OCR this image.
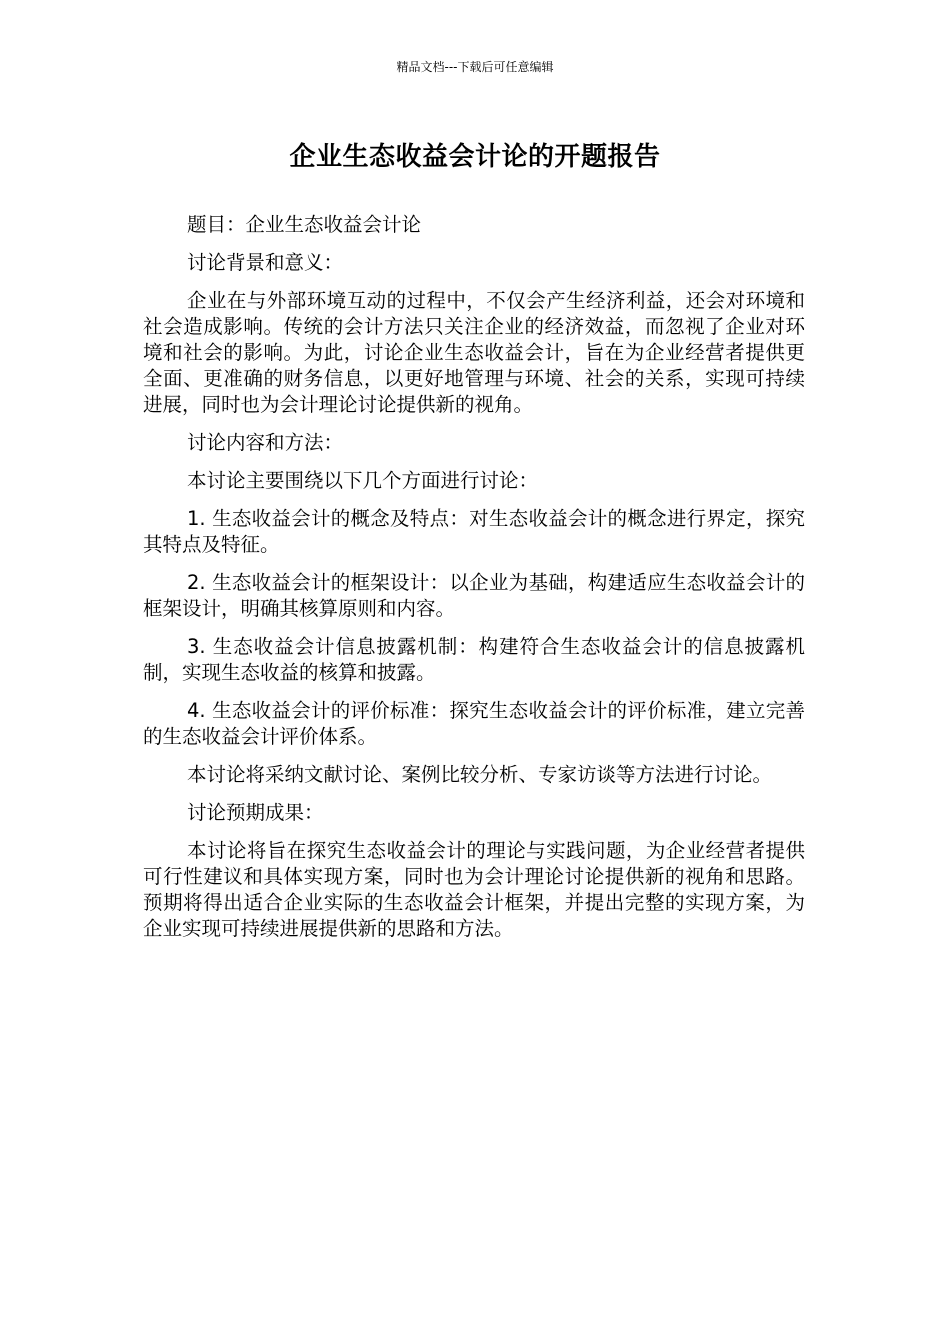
精品文档---下载后可任意编辑
企业生态收益会计论的开题报告

题目：企业生态收益会计论

讨论背景和意义：

企业在与外部环境互动的过程中，不仅会产生经济利益，还会对环境和社会造成影响。传统的会计方法只关注企业的经济效益，而忽视了企业对环境和社会的影响。为此，讨论企业生态收益会计，旨在为企业经营者提供更全面、更准确的财务信息，以更好地管理与环境、社会的关系，实现可持续进展，同时也为会计理论讨论提供新的视角。

讨论内容和方法：

本讨论主要围绕以下几个方面进行讨论：

1. 生态收益会计的概念及特点：对生态收益会计的概念进行界定，探究其特点及特征。

2. 生态收益会计的框架设计：以企业为基础，构建适应生态收益会计的框架设计，明确其核算原则和内容。

3. 生态收益会计信息披露机制：构建符合生态收益会计的信息披露机制，实现生态收益的核算和披露。

4. 生态收益会计的评价标准：探究生态收益会计的评价标准，建立完善的生态收益会计评价体系。

本讨论将采纳文献讨论、案例比较分析、专家访谈等方法进行讨论。

讨论预期成果：

本讨论将旨在探究生态收益会计的理论与实践问题，为企业经营者提供可行性建议和具体实现方案，同时也为会计理论讨论提供新的视角和思路。预期将得出适合企业实际的生态收益会计框架，并提出完整的实现方案，为企业实现可持续进展提供新的思路和方法。
